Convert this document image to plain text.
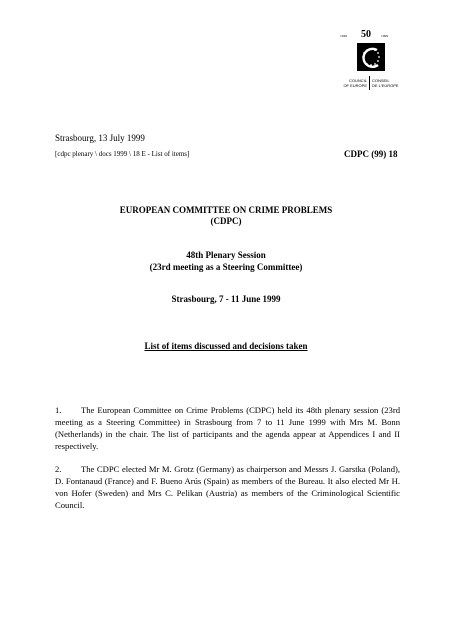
1949 50	1999
COUNCIL
OF EUROPE
CONSEIL
DE L'EUROPE
Strasbourg, 13 July 1999
[cdpc plenary \ docs 1999 \ 18 E - List of items]	CDPC (99) 18
EUROPEAN COMMITTEE ON CRIME PROBLEMS
(CDPC)
48th Plenary Session
(23rd meeting as a Steering Committee)
Strasbourg, 7 - 11 June 1999
List of items discussed and decisions taken
1. The European Committee on Crime Problems (CDPC) held its 48th plenary session (23rd meeting as a Steering Committee) in Strasbourg from 7 to 11 June 1999 with Mrs M. Bonn (Netherlands) in the chair. The list of participants and the agenda appear at Appendices I and II respectively.
2. The CDPC elected Mr M. Grotz (Germany) as chairperson and Messrs J. Garstka (Poland), D. Fontanaud (France) and F. Bueno Arús (Spain) as members of the Bureau. It also elected Mr H. von Hofer (Sweden) and Mrs C. Pelikan (Austria) as members of the Criminological Scientific Council.
